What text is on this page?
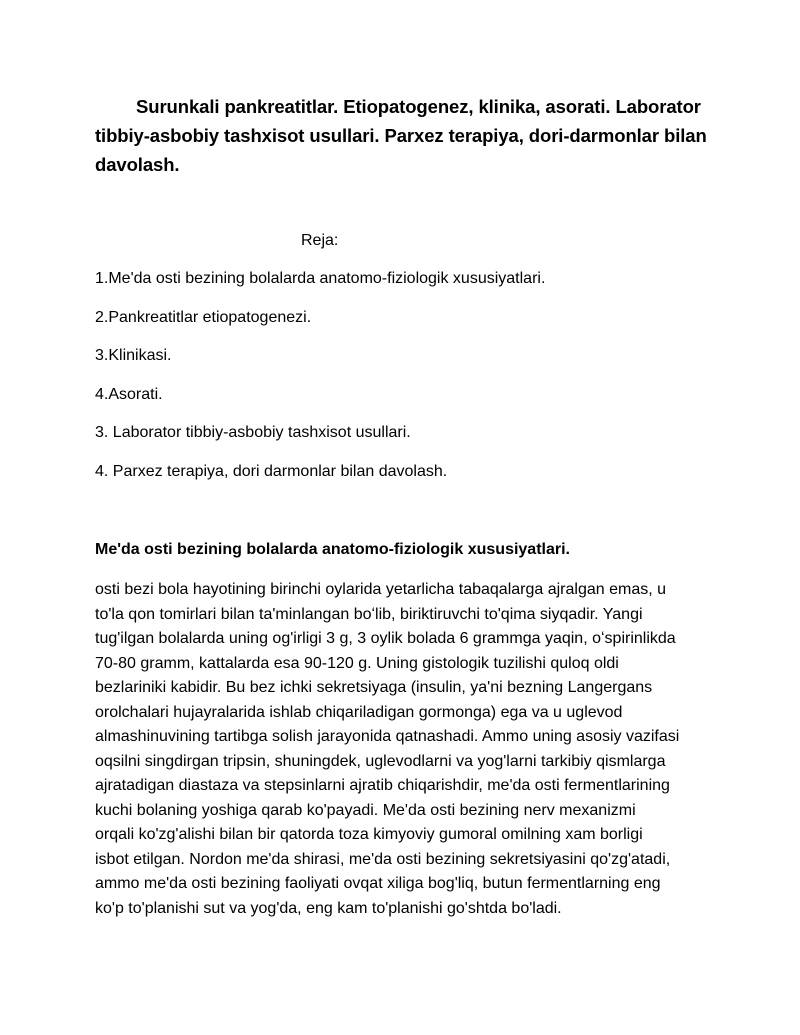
Surunkali pankreatitlar. Etiopatogenez, klinika, asorati. Laborator tibbiy-asbobiy tashxisot usullari. Parxez terapiya, dori-darmonlar bilan davolash.

Reja:

1.Me'da osti bezining bolalarda anatomo-fiziologik xususiyatlari.
2.Pankreatitlar etiopatogenezi.
3.Klinikasi.
4.Asorati.
3. Laborator tibbiy-asbobiy tashxisot usullari.
4. Parxez terapiya, dori darmonlar bilan davolash.
Me'da osti bezining bolalarda anatomo-fiziologik xususiyatlari.

osti bezi bola hayotining birinchi oylarida yetarlicha tabaqalarga ajralgan emas, u
to'la qon tomirlari bilan ta'minlangan boʻlib, biriktiruvchi to'qima siyqadir. Yangi
tug'ilgan bolalarda uning og'irligi 3 g, 3 oylik bolada 6 grammga yaqin, oʻspirinlikda
70-80 gramm, kattalarda esa 90-120 g. Uning gistologik tuzilishi quloq oldi
bezlariniki kabidir. Bu bez ichki sekretsiyaga (insulin, ya'ni bezning Langergans
orolchalari hujayralarida ishlab chiqariladigan gormonga) ega va u uglevod
almashinuvining tartibga solish jarayonida qatnashadi. Ammo uning asosiy vazifasi
oqsilni singdirgan tripsin, shuningdek, uglevodlarni va yog'larni tarkibiy qismlarga
ajratadigan diastaza va stepsinlarni ajratib chiqarishdir, me'da osti fermentlarining
kuchi bolaning yoshiga qarab ko'payadi. Me'da osti bezining nerv mexanizmi
orqali ko'zg'alishi bilan bir qatorda toza kimyoviy gumoral omilning xam borligi
isbot etilgan. Nordon me'da shirasi, me'da osti bezining sekretsiyasini qo'zg'atadi,
ammo me'da osti bezining faoliyati ovqat xiliga bog'liq, butun fermentlarning eng
ko'p to'planishi sut va yog'da, eng kam to'planishi go'shtda bo'ladi.
